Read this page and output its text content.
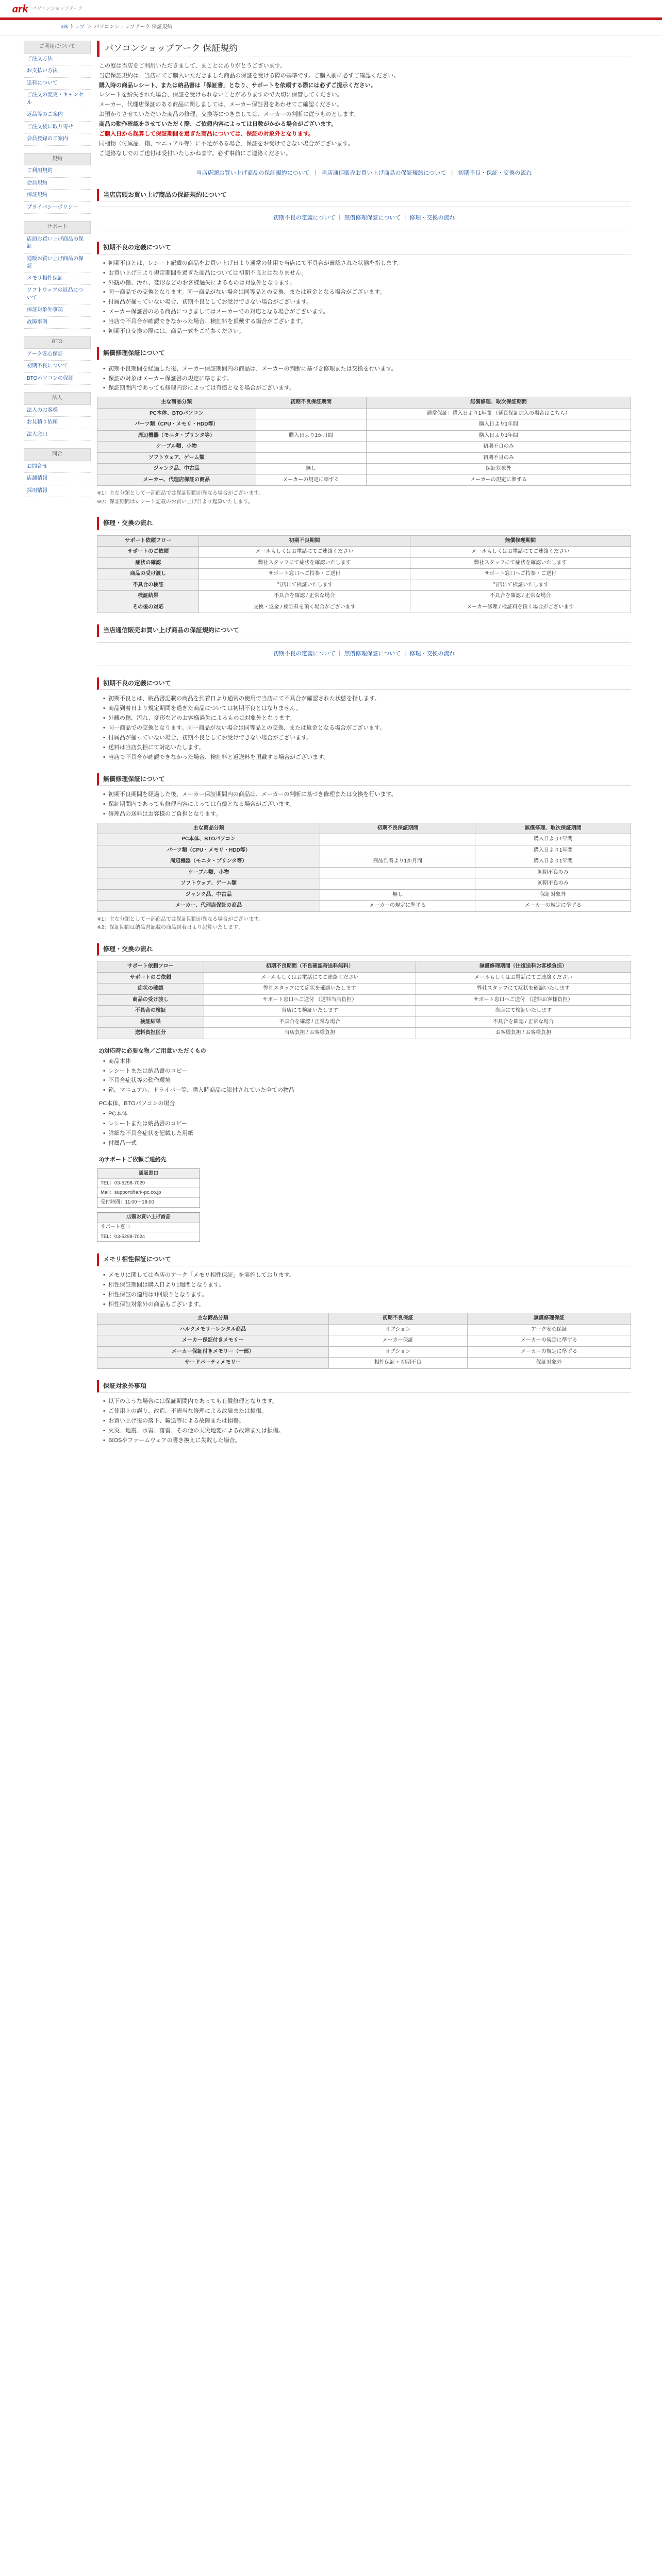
ark パソコンショップアーク
ark トップ ＞ パソコンショップアーク 保証規約
ご利用について
ご注文方法
お支払い方法
送料について
ご注文の変更・キャンセル
返品等のご案内
ご注文後に取り寄せ
会員登録のご案内
規約
ご利用規約
会員規約
保証規約
プライバシーポリシー
サポート
店頭お買い上げ商品の保証
通販お買い上げ商品の保証
メモリ相性保証
ソフトウェアの返品について
保証対象外事項
故障事例
BTO
アーク安心保証
初期不良について
BTOパソコンの保証
法人
法人のお客様
お見積り依頼
法人窓口
問合
お問合せ
店舗情報
採用情報
パソコンショップアーク 保証規約
この度は当店をご利用いただきまして、まことにありがとうございます。
当店保証規約は、当店にてご購入いただきました商品の保証を受ける際の基準です。ご購入前に必ずご確認ください。
購入時の商品レシート、または納品書は「保証書」となり、サポートを依頼する際には必ずご提示ください。
レシートを紛失された場合、保証を受けられないことがありますので大切に保管してください。
メーカー、代理店保証のある商品に関しましては、メーカー保証書をあわせてご確認ください。
お預かりさせていただいた商品の修理、交換等につきましては、メーカーの判断に従うものとします。
商品の動作確認をさせていただく際、ご依頼内容によっては日数がかかる場合がございます。
ご購入日から起算して保証期間を過ぎた商品については、保証の対象外となります。
同梱物（付属品、箱、マニュアル等）に不足がある場合、保証をお受けできない場合がございます。
ご連絡なしでのご送付は受付いたしかねます。必ず事前にご連絡ください。
当店店頭お買い上げ商品の保証規約について ｜ 当店通信販売お買い上げ商品の保証規約について ｜ 初期不良・保証・交換の流れ
当店店頭お買い上げ商品の保証規約について
初期不良の定義について ｜ 無償修理保証について ｜ 修理・交換の流れ
初期不良の定義について
• 初期不良とは、レシート記載の商品をお買い上げ日より通常の使用で当店にて不具合が確認された状態を指します。
• お買い上げ日より規定期間を過ぎた商品については初期不良とはなりません。
• 外観の傷、汚れ、変形などのお客様過失によるものは対象外となります。
• 同一商品での交換となります。同一商品がない場合は同等品との交換、または返金となる場合がございます。
• 付属品が揃っていない場合、初期不良としてお受けできない場合がございます。
• メーカー保証書のある商品につきましてはメーカーでの対応となる場合がございます。
• 当店で不具合が確認できなかった場合、検証料を頂戴する場合がございます。
• 初期不良交換の際には、商品一式をご持参ください。
無償修理保証について
• 初期不良期間を経過した後、メーカー保証期間内の商品は、メーカーの判断に基づき修理または交換を行います。
• 保証の対象はメーカー保証書の規定に準じます。
• 保証期間内であっても修理内容によっては有償となる場合がございます。
主な商品分類	初期不良保証期間	無償修理、取次保証期間
PC本体、BTOパソコン		通常保証：購入日より1年間 （延長保証加入の場合はこちら）
パーツ類（CPU・メモリ・HDD等）		購入日より1年間
周辺機器（モニタ・プリンタ等）	購入日より1か月間	購入日より1年間
ケーブル類、小物		初期不良のみ
ソフトウェア、ゲーム類		初期不良のみ
ジャンク品、中古品	無し	保証対象外
メーカー、代理店保証の商品	メーカーの規定に準ずる	メーカーの規定に準ずる
※1：主な分類として一部商品では保証期間が異なる場合がございます。
※2：保証期間はレシート記載のお買い上げ日より起算いたします。
修理・交換の流れ
サポート依頼フロー	初期不良期間	無償修理期間
サポートのご依頼	メールもしくはお電話にてご連絡ください	メールもしくはお電話にてご連絡ください
症状の確認	弊社スタッフにて症状を確認いたします	弊社スタッフにて症状を確認いたします
商品の受け渡し	サポート窓口へご持参・ご送付	サポート窓口へご持参・ご送付
不具合の検証	当店にて検証いたします	当店にて検証いたします
検証結果	不具合を確認 / 正常な場合	不具合を確認 / 正常な場合
その後の対応	交換・返金 / 検証料を頂く場合がございます	メーカー修理 / 検証料を頂く場合がございます
当店通信販売お買い上げ商品の保証規約について
初期不良の定義について ｜ 無償修理保証について ｜ 修理・交換の流れ
初期不良の定義について
• 初期不良とは、納品書記載の商品を到着日より通常の使用で当店にて不具合が確認された状態を指します。
• 商品到着日より規定期間を過ぎた商品については初期不良とはなりません。
• 外観の傷、汚れ、変形などのお客様過失によるものは対象外となります。
• 同一商品での交換となります。同一商品がない場合は同等品との交換、または返金となる場合がございます。
• 付属品が揃っていない場合、初期不良としてお受けできない場合がございます。
• 送料は当店負担にて対応いたします。
• 当店で不具合が確認できなかった場合、検証料と返送料を頂戴する場合がございます。
無償修理保証について
• 初期不良期間を経過した後、メーカー保証期間内の商品は、メーカーの判断に基づき修理または交換を行います。
• 保証期間内であっても修理内容によっては有償となる場合がございます。
• 修理品の送料はお客様のご負担となります。
主な商品分類	初期不良保証期間	無償修理、取次保証期間
PC本体、BTOパソコン		購入日より1年間
パーツ類（CPU・メモリ・HDD等）		購入日より1年間
周辺機器（モニタ・プリンタ等）	商品到着より1か月間	購入日より1年間
ケーブル類、小物		初期不良のみ
ソフトウェア、ゲーム類		初期不良のみ
ジャンク品、中古品	無し	保証対象外
メーカー、代理店保証の商品	メーカーの規定に準ずる	メーカーの規定に準ずる
※1：主な分類として一部商品では保証期間が異なる場合がございます。
※2：保証期間は納品書記載の商品到着日より起算いたします。
修理・交換の流れ
サポート依頼フロー	初期不良期間（不良確認時送料無料）	無償修理期間（往復送料お客様負担）
サポートのご依頼	メールもしくはお電話にてご連絡ください	メールもしくはお電話にてご連絡ください
症状の確認	弊社スタッフにて症状を確認いたします	弊社スタッフにて症状を確認いたします
商品の受け渡し	サポート窓口へご送付 （送料当店負担）	サポート窓口へご送付 （送料お客様負担）
不具合の検証	当店にて検証いたします	当店にて検証いたします
検証結果	不具合を確認 / 正常な場合	不具合を確認 / 正常な場合
送料負担区分	当店負担 / お客様負担	お客様負担 / お客様負担
2)対応時に必要な物／ご用意いただくもの
• 商品本体
• レシートまたは納品書のコピー
• 不具合症状等の動作環境
• 箱、マニュアル、ドライバー等、購入時商品に添付されていた全ての物品
PC本体、BTOパソコンの場合
• PC本体
• レシートまたは納品書のコピー
• 詳細な不具合症状を記載した用紙
• 付属品一式
3)サポートご依頼ご連絡先
通販窓口
TEL：03-5298-7029
Mail：support@ark-pc.co.jp
受付時間：11:00〜18:00
店頭お買い上げ商品
サポート窓口
TEL：03-5298-7024
メモリ相性保証について
• メモリに関しては当店のアーク「メモリ相性保証」を実施しております。
• 相性保証期間は購入日より1週間となります。
• 相性保証の適用は1回限りとなります。
• 相性保証対象外の商品もございます。
主な商品分類	初期不良保証	無償修理保証
ハルクメモリーレンタル商品	オプション	アーク安心保証
メーカー保証付きメモリー	メーカー保証	メーカーの規定に準ずる
メーカー保証付きメモリー（一部）	オプション	メーカーの規定に準ずる
サードパーティメモリー	相性保証 + 初期不良	保証対象外
保証対象外事項
• 以下のような場合には保証期間内であっても有償修理となります。
• ご使用上の誤り、改造、不適当な修理による故障または損傷。
• お買い上げ後の落下、輸送等による故障または損傷。
• 火災、地震、水害、落雷、その他の天災地変による故障または損傷。
• BIOSやファームウェアの書き換えに失敗した場合。
